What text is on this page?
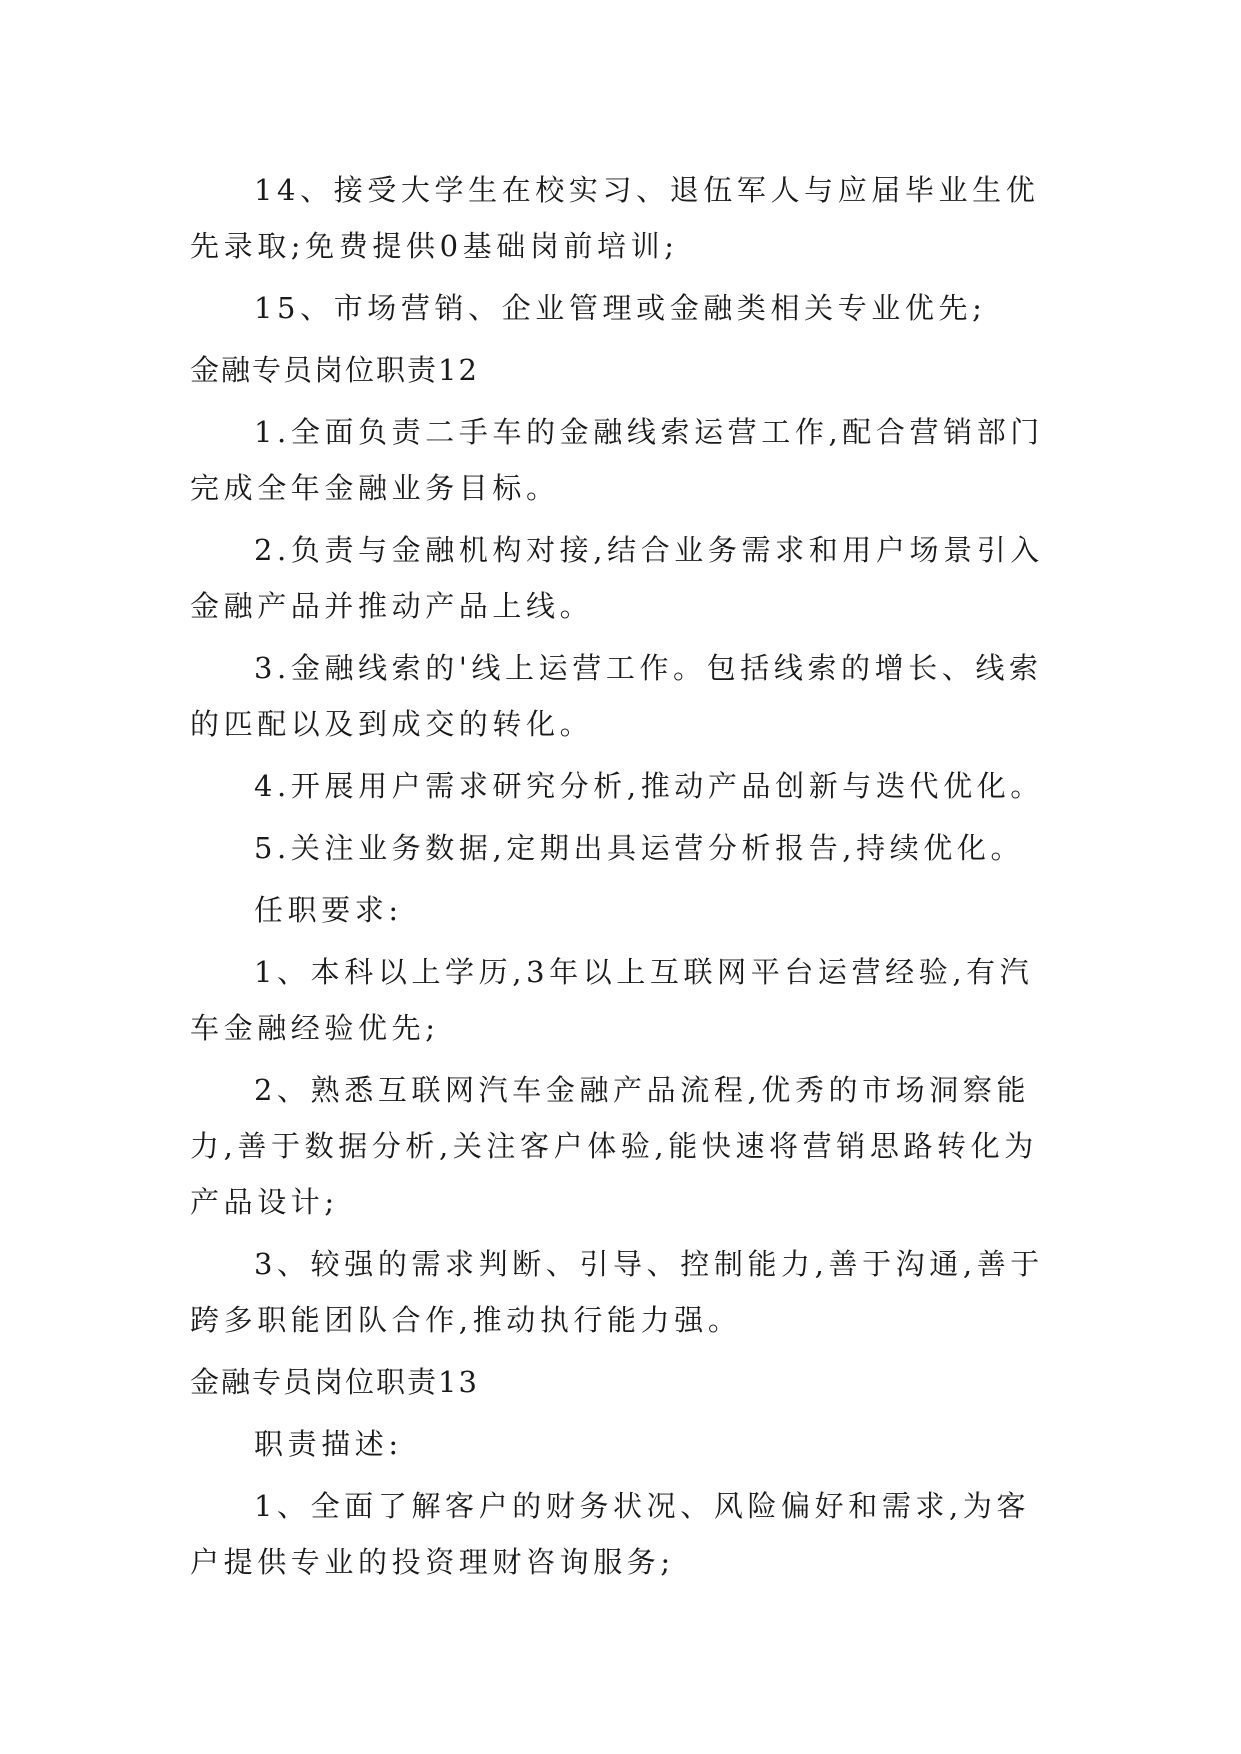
14、接受大学生在校实习、退伍军人与应届毕业生优先录取;免费提供0基础岗前培训;

15、市场营销、企业管理或金融类相关专业优先;

金融专员岗位职责12

1.全面负责二手车的金融线索运营工作,配合营销部门完成全年金融业务目标。

2.负责与金融机构对接,结合业务需求和用户场景引入金融产品并推动产品上线。

3.金融线索的'线上运营工作。包括线索的增长、线索的匹配以及到成交的转化。

4.开展用户需求研究分析,推动产品创新与迭代优化。

5.关注业务数据,定期出具运营分析报告,持续优化。

任职要求:

1、本科以上学历,3年以上互联网平台运营经验,有汽车金融经验优先;

2、熟悉互联网汽车金融产品流程,优秀的市场洞察能力,善于数据分析,关注客户体验,能快速将营销思路转化为产品设计;

3、较强的需求判断、引导、控制能力,善于沟通,善于跨多职能团队合作,推动执行能力强。

金融专员岗位职责13

职责描述:

1、全面了解客户的财务状况、风险偏好和需求,为客户提供专业的投资理财咨询服务;
